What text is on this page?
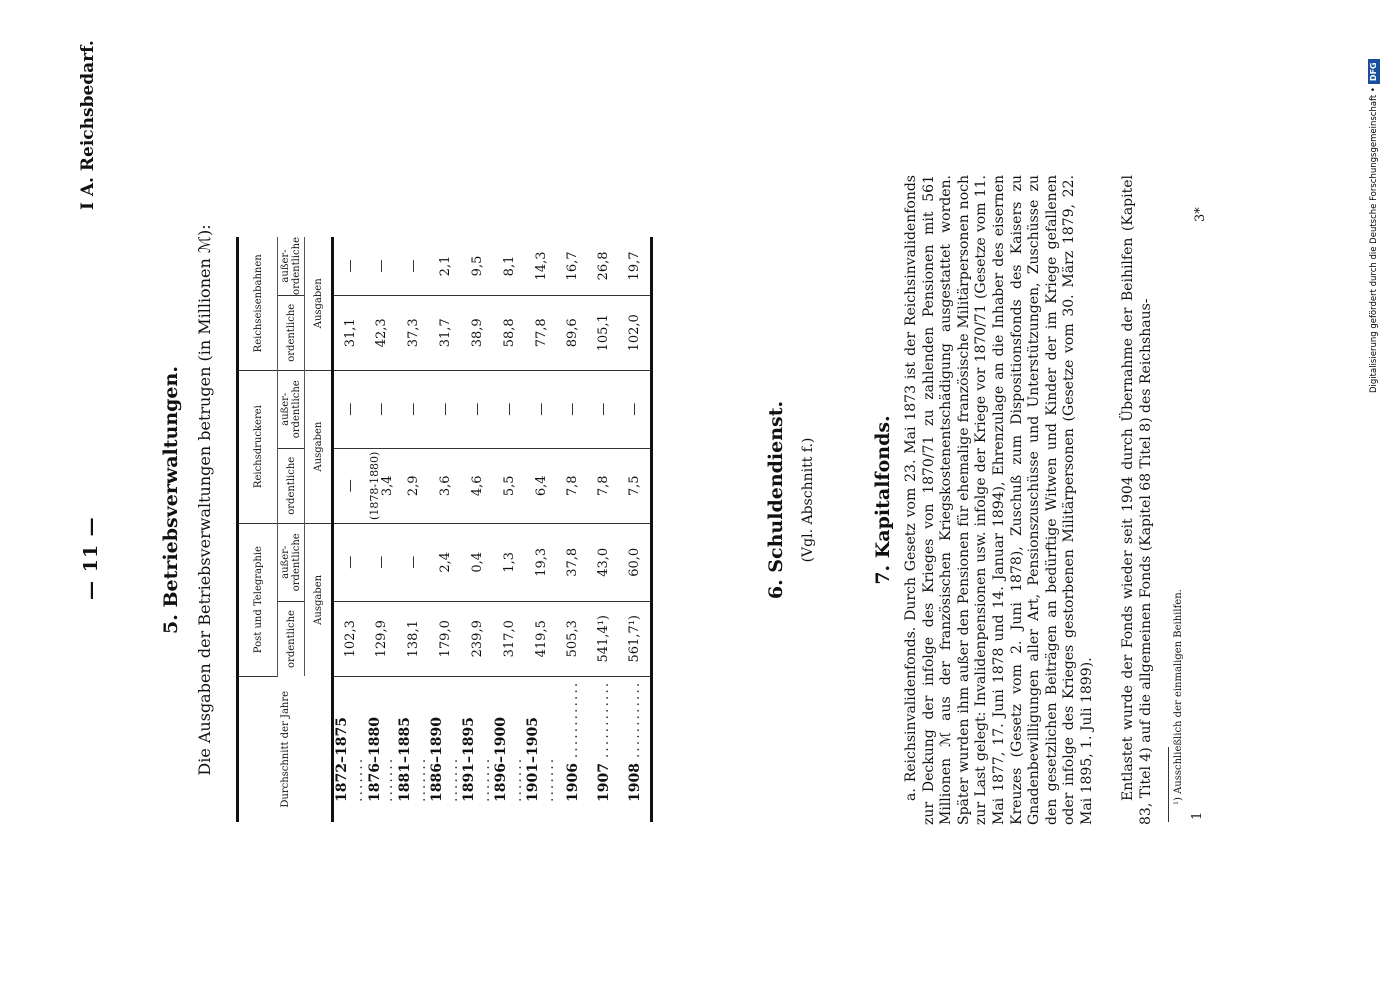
— 11 —
I A. Reichsbedarf.
5. Betriebsverwaltungen. Die Ausgaben der Betriebsverwaltungen betrugen (in Millionen ℳ):	Durchschnitt der Jahre	Post und Telegraphie		Reichsdruckerei		Reichseisenbahnen	
	ordentliche	außer-ordentliche	ordentliche	außer-ordentliche	ordentliche	außer-ordentliche
	Ausgaben		Ausgaben		Ausgaben	
1872–1875 .......	102,3	—	—	—	31,1	—
1876–1880 .......	129,9	—	(1878-1880) 3,4	—	42,3	—
1881–1885 .......	138,1	—	2,9	—	37,3	—
1886–1890 .......	179,0	2,4	3,6	—	31,7	2,1
1891–1895 .......	239,9	0,4	4,6	—	38,9	9,5
1896–1900 .......	317,0	1,3	5,5	—	58,8	8,1
1901–1905 .......	419,5	19,3	6,4	—	77,8	14,3
1906 ............	505,3	37,8	7,8	—	89,6	16,7
1907 ............	541,4¹)	43,0	7,8	—	105,1	26,8
1908 ............	561,7¹)	60,0	7,5	—	102,0	19,7
6. Schuldendienst. (Vgl. Abschnitt f.)	7. Kapitalfonds. a. Reichsinvalidenfonds. Durch Gesetz vom 23. Mai 1873 ist der Reichsinvalidenfonds zur Deckung der infolge des Krieges von 1870/71 zu zahlenden Pensionen mit 561 Millionen ℳ aus der französischen Kriegskostenentschädigung ausgestattet worden. Später wurden ihm außer den Pensionen für ehemalige französische Militärpersonen noch zur Last gelegt: Invalidenpensionen usw. infolge der Kriege vor 1870/71 (Gesetze vom 11. Mai 1877, 17. Juni 1878 und 14. Januar 1894), Ehrenzulage an die Inhaber des eisernen Kreuzes (Gesetz vom 2. Juni 1878), Zuschuß zum Dispositionsfonds des Kaisers zu Gnadenbewilligungen aller Art, Pensionszuschüsse und Unterstützungen, Zuschüsse zu den gesetzlichen Beiträgen an bedürftige Witwen und Kinder der im Kriege gefallenen oder infolge des Krieges gestorbenen Militärpersonen (Gesetze vom 30. März 1879, 22. Mai 1895, 1. Juli 1899). Entlastet wurde der Fonds wieder seit 1904 durch Übernahme der Beihilfen (Kapitel 83, Titel 4) auf die allgemeinen Fonds (Kapitel 68 Titel 8) des Reichshaus- ¹) Ausschließlich der einmaligen Beihilfen.
1
3*	Digitalisierung gefördert durch die Deutsche Forschungsgemeinschaft •DFG
